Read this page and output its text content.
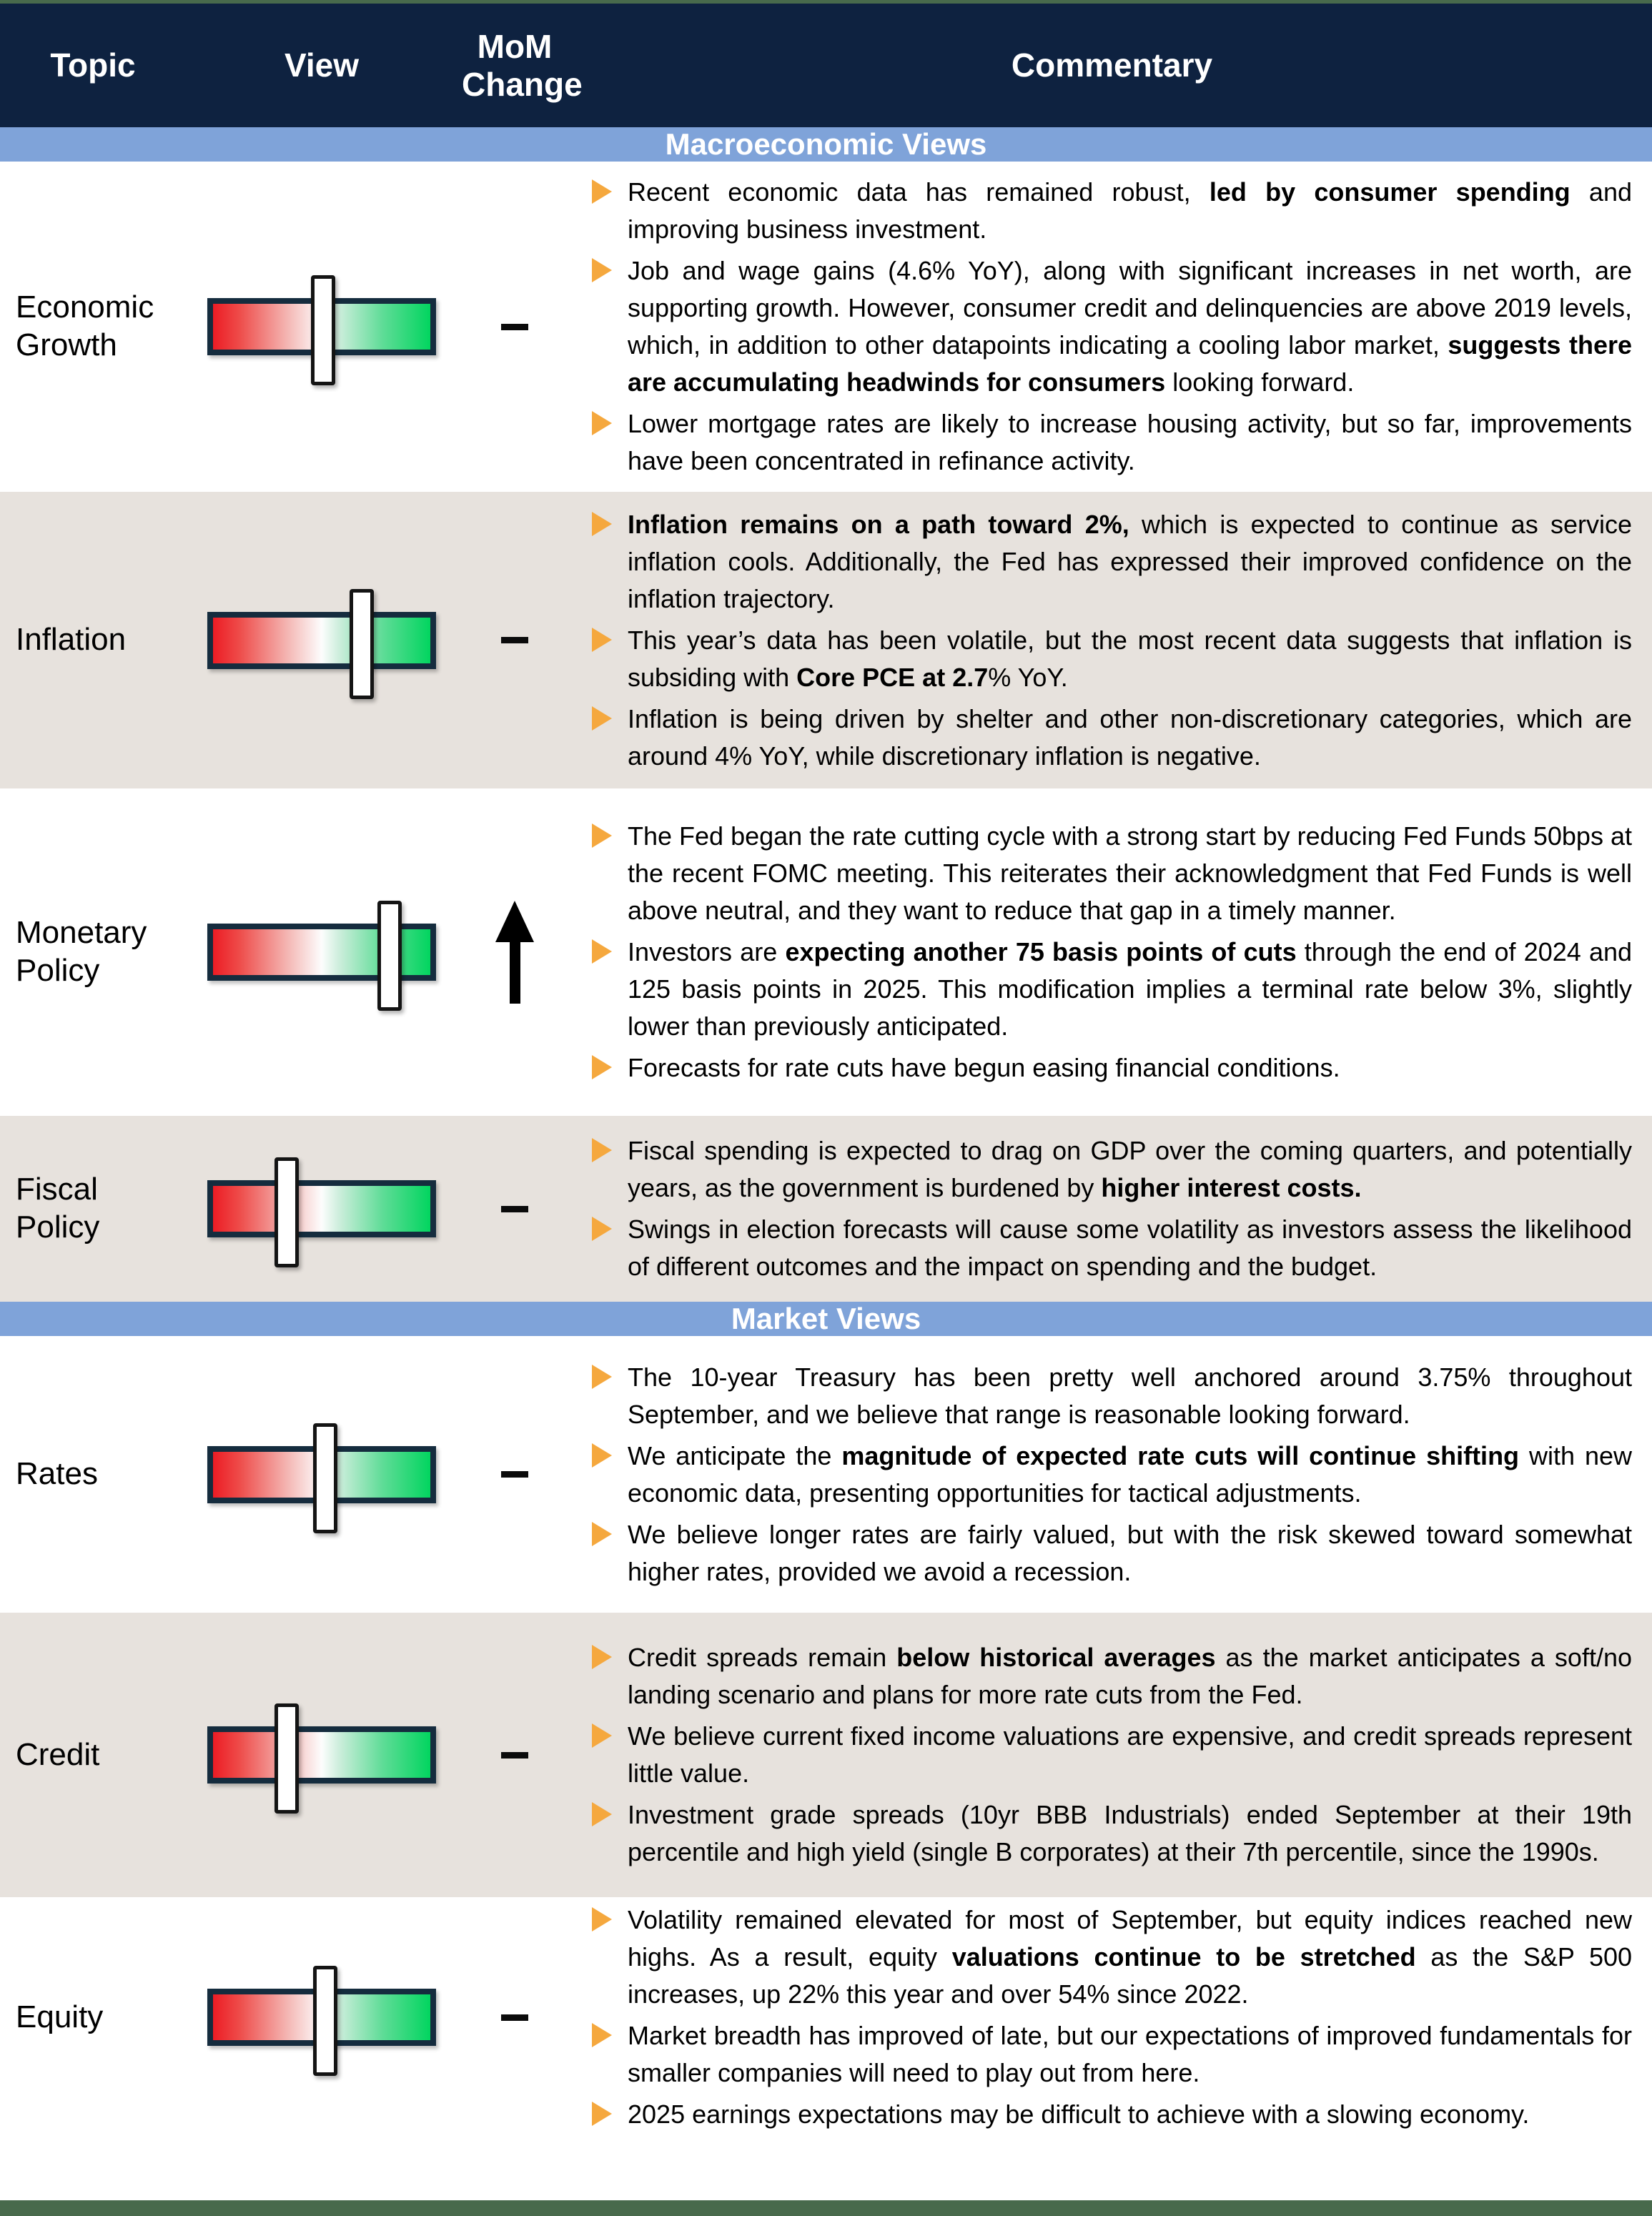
Topic	View
MoM Change
Commentary
Macroeconomic Views
Economic Growth

Recent economic data has remained robust, led by consumer spending and improving business investment.

Job and wage gains (4.6% YoY), along with significant increases in net worth, are supporting growth. However, consumer credit and delinquencies are above 2019 levels, which, in addition to other datapoints indicating a cooling labor market, suggests there are accumulating headwinds for consumers looking forward.

Lower mortgage rates are likely to increase housing activity, but so far, improvements have been concentrated in refinance activity.

Inflation

Inflation remains on a path toward 2%, which is expected to continue as service inflation cools. Additionally, the Fed has expressed their improved confidence on the inflation trajectory.

This year’s data has been volatile, but the most recent data suggests that inflation is subsiding with Core PCE at 2.7% YoY.

Inflation is being driven by shelter and other non-discretionary categories, which are around 4% YoY, while discretionary inflation is negative.

Monetary Policy

The Fed began the rate cutting cycle with a strong start by reducing Fed Funds 50bps at the recent FOMC meeting. This reiterates their acknowledgment that Fed Funds is well above neutral, and they want to reduce that gap in a timely manner.

Investors are expecting another 75 basis points of cuts through the end of 2024 and 125 basis points in 2025. This modification implies a terminal rate below 3%, slightly lower than previously anticipated.

Forecasts for rate cuts have begun easing financial conditions.

Fiscal Policy

Fiscal spending is expected to drag on GDP over the coming quarters, and potentially years, as the government is burdened by higher interest costs.

Swings in election forecasts will cause some volatility as investors assess the likelihood of different outcomes and the impact on spending and the budget.

Market Views
Rates

The 10-year Treasury has been pretty well anchored around 3.75% throughout September, and we believe that range is reasonable looking forward.

We anticipate the magnitude of expected rate cuts will continue shifting with new economic data, presenting opportunities for tactical adjustments.

We believe longer rates are fairly valued, but with the risk skewed toward somewhat higher rates, provided we avoid a recession.

Credit

Credit spreads remain below historical averages as the market anticipates a soft/no landing scenario and plans for more rate cuts from the Fed.

We believe current fixed income valuations are expensive, and credit spreads represent little value.

Investment grade spreads (10yr BBB Industrials) ended September at their 19th percentile and high yield (single B corporates) at their 7th percentile, since the 1990s.

Equity

Volatility remained elevated for most of September, but equity indices reached new highs. As a result, equity valuations continue to be stretched as the S&P 500 increases, up 22% this year and over 54% since 2022.

Market breadth has improved of late, but our expectations of improved fundamentals for smaller companies will need to play out from here.

2025 earnings expectations may be difficult to achieve with a slowing economy.
